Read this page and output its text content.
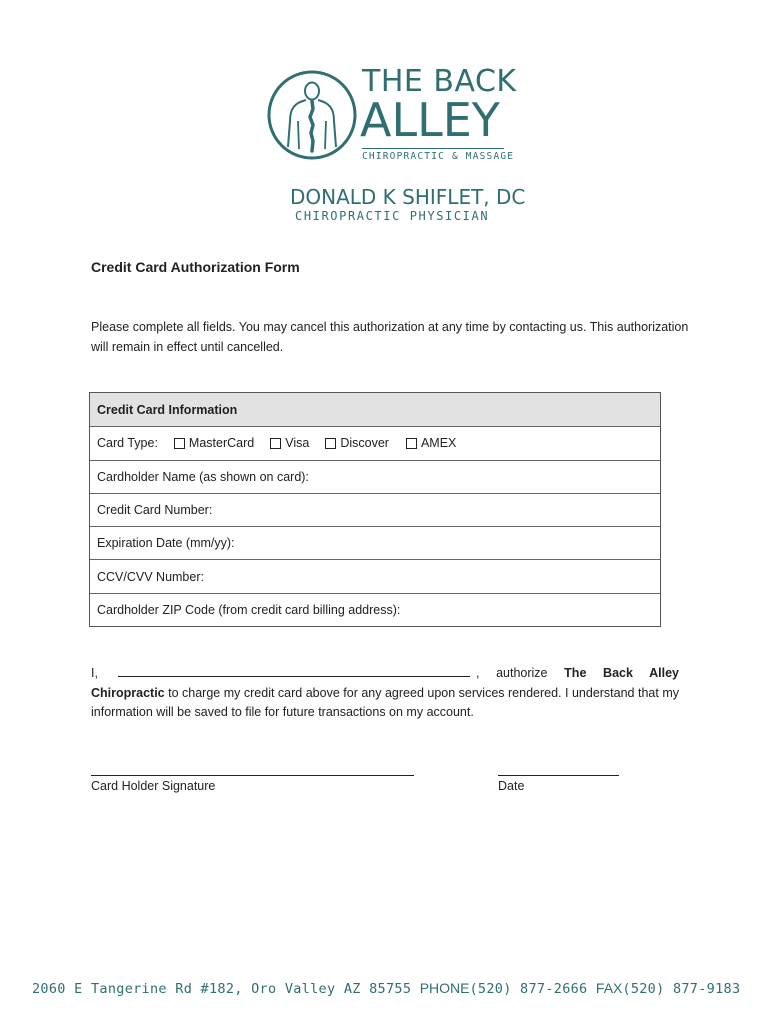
THE BACK
ALLEY
CHIROPRACTIC & MASSAGE
DONALD K SHIFLET, DC
CHIROPRACTIC PHYSICIAN
Credit Card Authorization Form
Please complete all fields. You may cancel this authorization at any time by contacting us. This authorization will remain in effect until cancelled.
Credit Card Information
Card Type: MasterCard Visa Discover	AMEX
Cardholder Name (as shown on card):
Credit Card Number:
Expiration Date (mm/yy):
CCV/CVV Number:
Cardholder ZIP Code (from credit card billing address):
I,	, authorize The Back Alley Chiropractic to charge my credit card above for any agreed upon services rendered. I understand that my information will be saved to file for future transactions on my account.
Card Holder Signature	Date
2060 E Tangerine Rd #182, Oro Valley AZ 85755 PHONE(520) 877-2666 FAX(520) 877-9183
